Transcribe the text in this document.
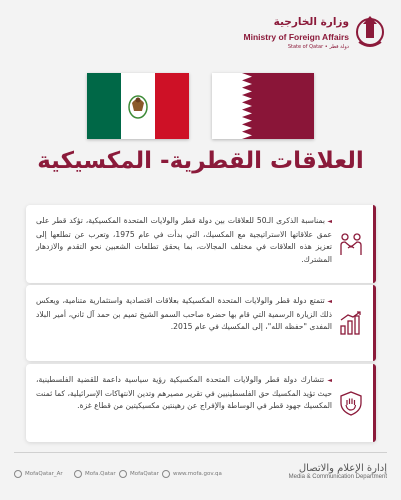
وزارة الخارجية
Ministry of Foreign Affairs
State of Qatar • دولة قطر
العلاقات القطرية- المكسيكية
◄ بمناسبة الذكرى الـ50 للعلاقات بين دولة قطر والولايات المتحدة المكسيكية، تؤكد قطر على عمق علاقاتها الاستراتيجية مع المكسيك، التي بدأت في عام 1975، وتعرب عن تطلعها إلى تعزيز هذه العلاقات في مختلف المجالات، بما يحقق تطلعات الشعبين نحو التقدم والازدهار المشترك.
◄ تتمتع دولة قطر والولايات المتحدة المكسيكية بعلاقات اقتصادية واستثمارية متنامية، ويعكس ذلك الزيارة الرسمية التي قام بها حضرة صاحب السمو الشيخ تميم بن حمد آل ثاني، أمير البلاد المفدى "حفظه الله"، إلى المكسيك في عام 2015.
◄ تتشارك دولة قطر والولايات المتحدة المكسيكية رؤية سياسية داعمة للقضية الفلسطينية، حيث تؤيد المكسيك حق الفلسطينيين في تقرير مصيرهم وتدين الانتهاكات الإسرائيلية، كما ثمنت المكسيك جهود قطر في الوساطة والإفراج عن رهينتين مكسيكيتين من قطاع غزة.
MofaQatar_Ar	Mofa.Qatar	MofaQatar	www.mofa.gov.qa	إدارة الإعلام والاتصال
Media & Communication Department
